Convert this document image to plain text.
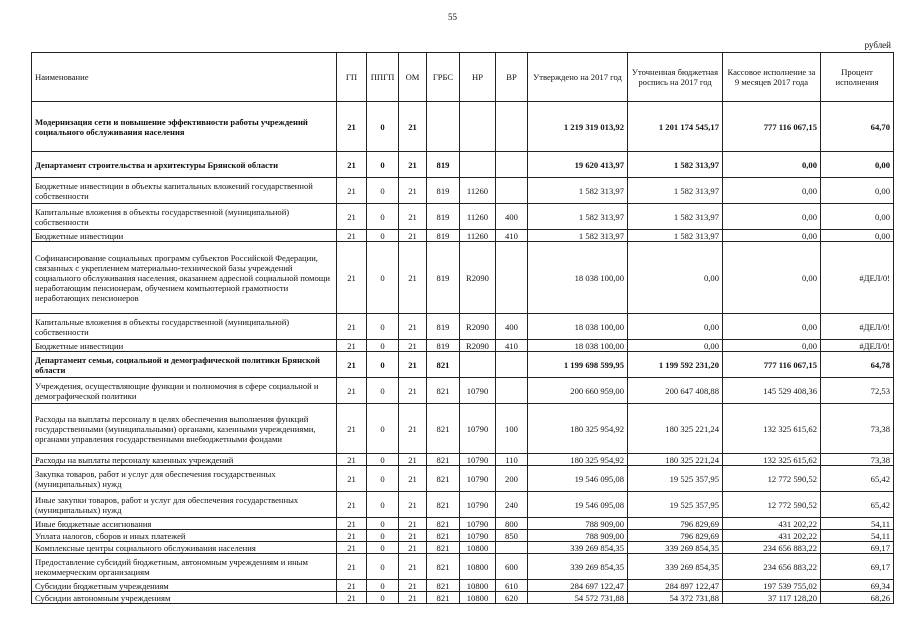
55
рублей
Наименование	ГП	ППГП	ОМ	ГРБС	НР	ВР	Утверждено на 2017 год	Уточненная бюджетная роспись на 2017 год	Кассовое исполнение за 9 месяцев 2017 года	Процент исполнения
Модернизация сети и повышение эффективности работы учреждений социального обслуживания населения	21	0	21				1 219 319 013,92	1 201 174 545,17	777 116 067,15	64,70
Департамент строительства и архитектуры Брянской области	21	0	21	819			19 620 413,97	1 582 313,97	0,00	0,00
Бюджетные инвестиции в объекты капитальных вложений государственной собственности	21	0	21	819	11260		1 582 313,97	1 582 313,97	0,00	0,00
Капитальные вложения в объекты государственной (муниципальной) собственности	21	0	21	819	11260	400	1 582 313,97	1 582 313,97	0,00	0,00
Бюджетные инвестиции	21	0	21	819	11260	410	1 582 313,97	1 582 313,97	0,00	0,00
Софинансирование социальных программ субъектов Российской Федерации, связанных с укреплением материально-технической базы учреждений социального обслуживания населения, оказанием адресной социальной помощи неработающим пенсионерам, обучением компьютерной грамотности неработающих пенсионеров	21	0	21	819	R2090		18 038 100,00	0,00	0,00	#ДЕЛ/0!
Капитальные вложения в объекты государственной (муниципальной) собственности	21	0	21	819	R2090	400	18 038 100,00	0,00	0,00	#ДЕЛ/0!
Бюджетные инвестиции	21	0	21	819	R2090	410	18 038 100,00	0,00	0,00	#ДЕЛ/0!
Департамент семьи, социальной и демографической политики Брянской области	21	0	21	821			1 199 698 599,95	1 199 592 231,20	777 116 067,15	64,78
Учреждения, осуществляющие функции и полномочия в сфере социальной и демографической политики	21	0	21	821	10790		200 660 959,00	200 647 408,88	145 529 408,36	72,53
Расходы на выплаты персоналу в целях обеспечения выполнения функций государственными (муниципальными) органами, казенными учреждениями, органами управления государственными внебюджетными фондами	21	0	21	821	10790	100	180 325 954,92	180 325 221,24	132 325 615,62	73,38
Расходы на выплаты персоналу казенных учреждений	21	0	21	821	10790	110	180 325 954,92	180 325 221,24	132 325 615,62	73,38
Закупка товаров, работ и услуг для обеспечения государственных (муниципальных) нужд	21	0	21	821	10790	200	19 546 095,08	19 525 357,95	12 772 590,52	65,42
Иные закупки товаров, работ и услуг для обеспечения государственных (муниципальных) нужд	21	0	21	821	10790	240	19 546 095,08	19 525 357,95	12 772 590,52	65,42
Иные бюджетные ассигнования	21	0	21	821	10790	800	788 909,00	796 829,69	431 202,22	54,11
Уплата налогов, сборов и иных платежей	21	0	21	821	10790	850	788 909,00	796 829,69	431 202,22	54,11
Комплексные центры социального обслуживания населения	21	0	21	821	10800		339 269 854,35	339 269 854,35	234 656 883,22	69,17
Предоставление субсидий бюджетным, автономным учреждениям и иным некоммерческим организациям	21	0	21	821	10800	600	339 269 854,35	339 269 854,35	234 656 883,22	69,17
Субсидии бюджетным учреждениям	21	0	21	821	10800	610	284 697 122,47	284 897 122,47	197 539 755,02	69,34
Субсидии автономным учреждениям	21	0	21	821	10800	620	54 572 731,88	54 372 731,88	37 117 128,20	68,26
